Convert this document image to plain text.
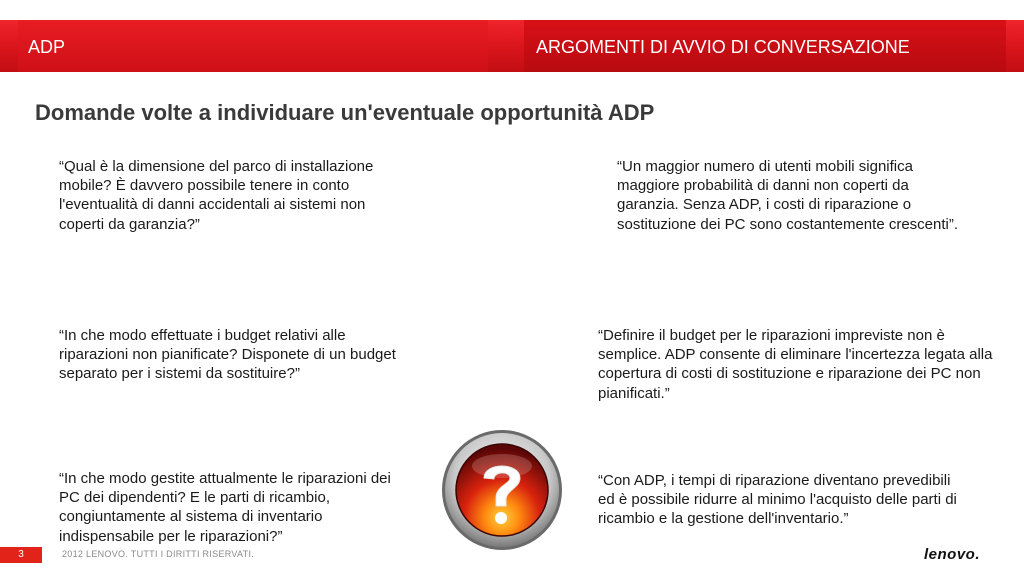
ADP	ARGOMENTI DI AVVIO DI CONVERSAZIONE
Domande volte a individuare un'eventuale opportunità ADP
“Qual è la dimensione del parco di installazione mobile? È davvero possibile tenere in conto l'eventualità di danni accidentali ai sistemi non coperti da garanzia?”
“Un maggior numero di utenti mobili significa maggiore probabilità di danni non coperti da garanzia. Senza ADP, i costi di riparazione o sostituzione dei PC sono costantemente crescenti”.
“In che modo effettuate i budget relativi alle riparazioni non pianificate? Disponete di un budget separato per i sistemi da sostituire?”
“Definire il budget per le riparazioni impreviste non è semplice. ADP consente di eliminare l'incertezza legata alla copertura di costi di sostituzione e riparazione dei PC non pianificati.”
“In che modo gestite attualmente le riparazioni dei PC dei dipendenti? E le parti di ricambio, congiuntamente al sistema di inventario indispensabile per le riparazioni?”
“Con ADP, i tempi di riparazione diventano prevedibili ed è possibile ridurre al minimo l'acquisto delle parti di ricambio e la gestione dell'inventario.”
3	2012 LENOVO. TUTTI I DIRITTI RISERVATI.	lenovo.
